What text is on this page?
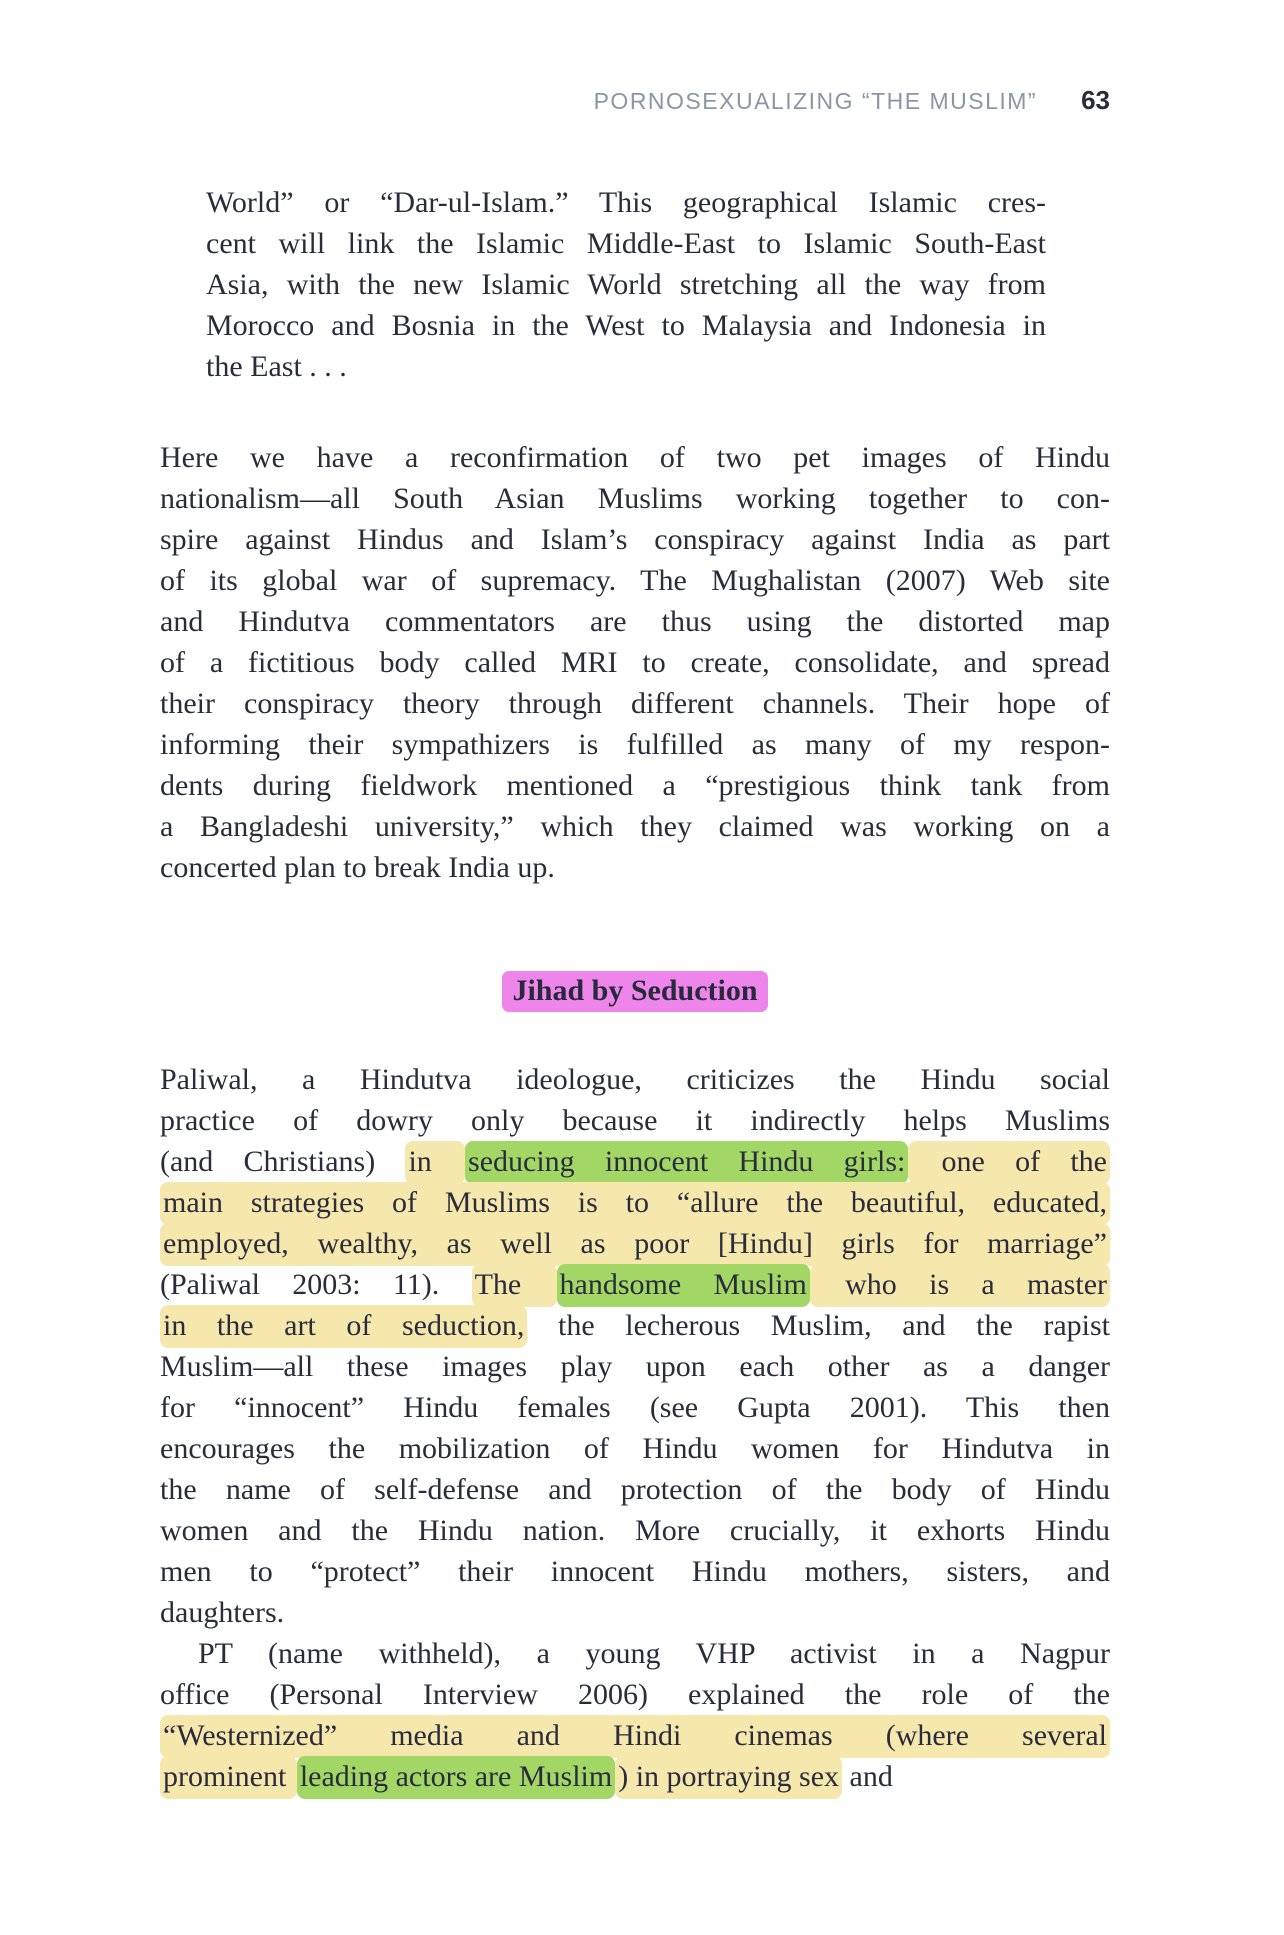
PORNOSEXUALIZING “THE MUSLIM” 63
World” or “Dar-ul-Islam.” This geographical Islamic cres-
cent will link the Islamic Middle-East to Islamic South-East
Asia, with the new Islamic World stretching all the way from
Morocco and Bosnia in the West to Malaysia and Indonesia in
the East . . .
Here we have a reconfirmation of two pet images of Hindu
nationalism—all South Asian Muslims working together to con-
spire against Hindus and Islam’s conspiracy against India as part
of its global war of supremacy. The Mughalistan (2007) Web site
and Hindutva commentators are thus using the distorted map
of a fictitious body called MRI to create, consolidate, and spread
their conspiracy theory through different channels. Their hope of
informing their sympathizers is fulfilled as many of my respon-
dents during fieldwork mentioned a “prestigious think tank from
a Bangladeshi university,” which they claimed was working on a
concerted plan to break India up.
Jihad by Seduction
Paliwal, a Hindutva ideologue, criticizes the Hindu social
practice of dowry only because it indirectly helps Muslims
(and Christians) in seducing innocent Hindu girls: one of the
main strategies of Muslims is to “allure the beautiful, educated,
employed, wealthy, as well as poor [Hindu] girls for marriage”
(Paliwal 2003: 11). The handsome Muslim who is a master
in the art of seduction, the lecherous Muslim, and the rapist
Muslim—all these images play upon each other as a danger
for “innocent” Hindu females (see Gupta 2001). This then
encourages the mobilization of Hindu women for Hindutva in
the name of self-defense and protection of the body of Hindu
women and the Hindu nation. More crucially, it exhorts Hindu
men to “protect” their innocent Hindu mothers, sisters, and
daughters.
PT (name withheld), a young VHP activist in a Nagpur
office (Personal Interview 2006) explained the role of the
“Westernized” media and Hindi cinemas (where several
prominent leading actors are Muslim ) in portraying sex and
